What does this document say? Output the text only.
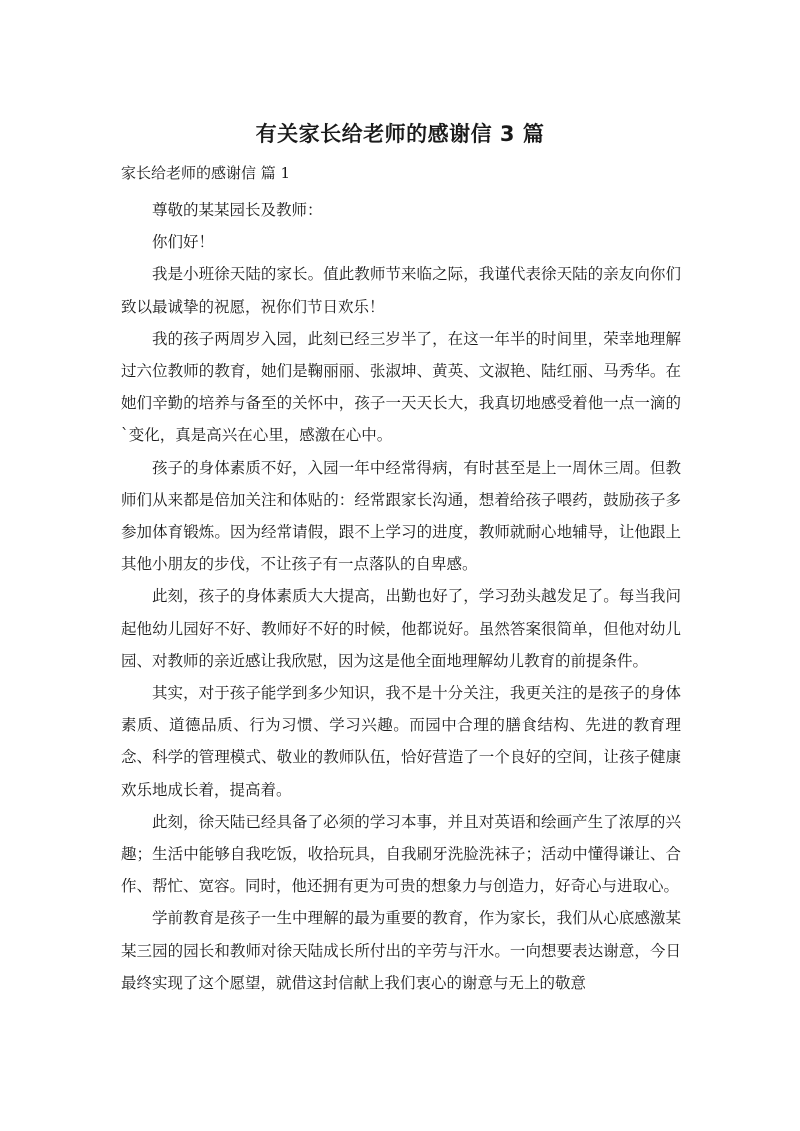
有关家长给老师的感谢信 3 篇
家长给老师的感谢信 篇 1

尊敬的某某园长及教师：

你们好！

我是小班徐天陆的家长。值此教师节来临之际，我谨代表徐天陆的亲友向你们致以最诚挚的祝愿，祝你们节日欢乐！

我的孩子两周岁入园，此刻已经三岁半了，在这一年半的时间里，荣幸地理解过六位教师的教育，她们是鞠丽丽、张淑坤、黄英、文淑艳、陆红丽、马秀华。在她们辛勤的培养与备至的关怀中，孩子一天天长大，我真切地感受着他一点一滴的`变化，真是高兴在心里，感激在心中。

孩子的身体素质不好，入园一年中经常得病，有时甚至是上一周休三周。但教师们从来都是倍加关注和体贴的：经常跟家长沟通，想着给孩子喂药，鼓励孩子多参加体育锻炼。因为经常请假，跟不上学习的进度，教师就耐心地辅导，让他跟上其他小朋友的步伐，不让孩子有一点落队的自卑感。

此刻，孩子的身体素质大大提高，出勤也好了，学习劲头越发足了。每当我问起他幼儿园好不好、教师好不好的时候，他都说好。虽然答案很简单，但他对幼儿园、对教师的亲近感让我欣慰，因为这是他全面地理解幼儿教育的前提条件。

其实，对于孩子能学到多少知识，我不是十分关注，我更关注的是孩子的身体素质、道德品质、行为习惯、学习兴趣。而园中合理的膳食结构、先进的教育理念、科学的管理模式、敬业的教师队伍，恰好营造了一个良好的空间，让孩子健康欢乐地成长着，提高着。

此刻，徐天陆已经具备了必须的学习本事，并且对英语和绘画产生了浓厚的兴趣；生活中能够自我吃饭，收拾玩具，自我刷牙洗脸洗袜子；活动中懂得谦让、合作、帮忙、宽容。同时，他还拥有更为可贵的想象力与创造力，好奇心与进取心。

学前教育是孩子一生中理解的最为重要的教育，作为家长，我们从心底感激某某三园的园长和教师对徐天陆成长所付出的辛劳与汗水。一向想要表达谢意，今日最终实现了这个愿望，就借这封信献上我们衷心的谢意与无上的敬意
